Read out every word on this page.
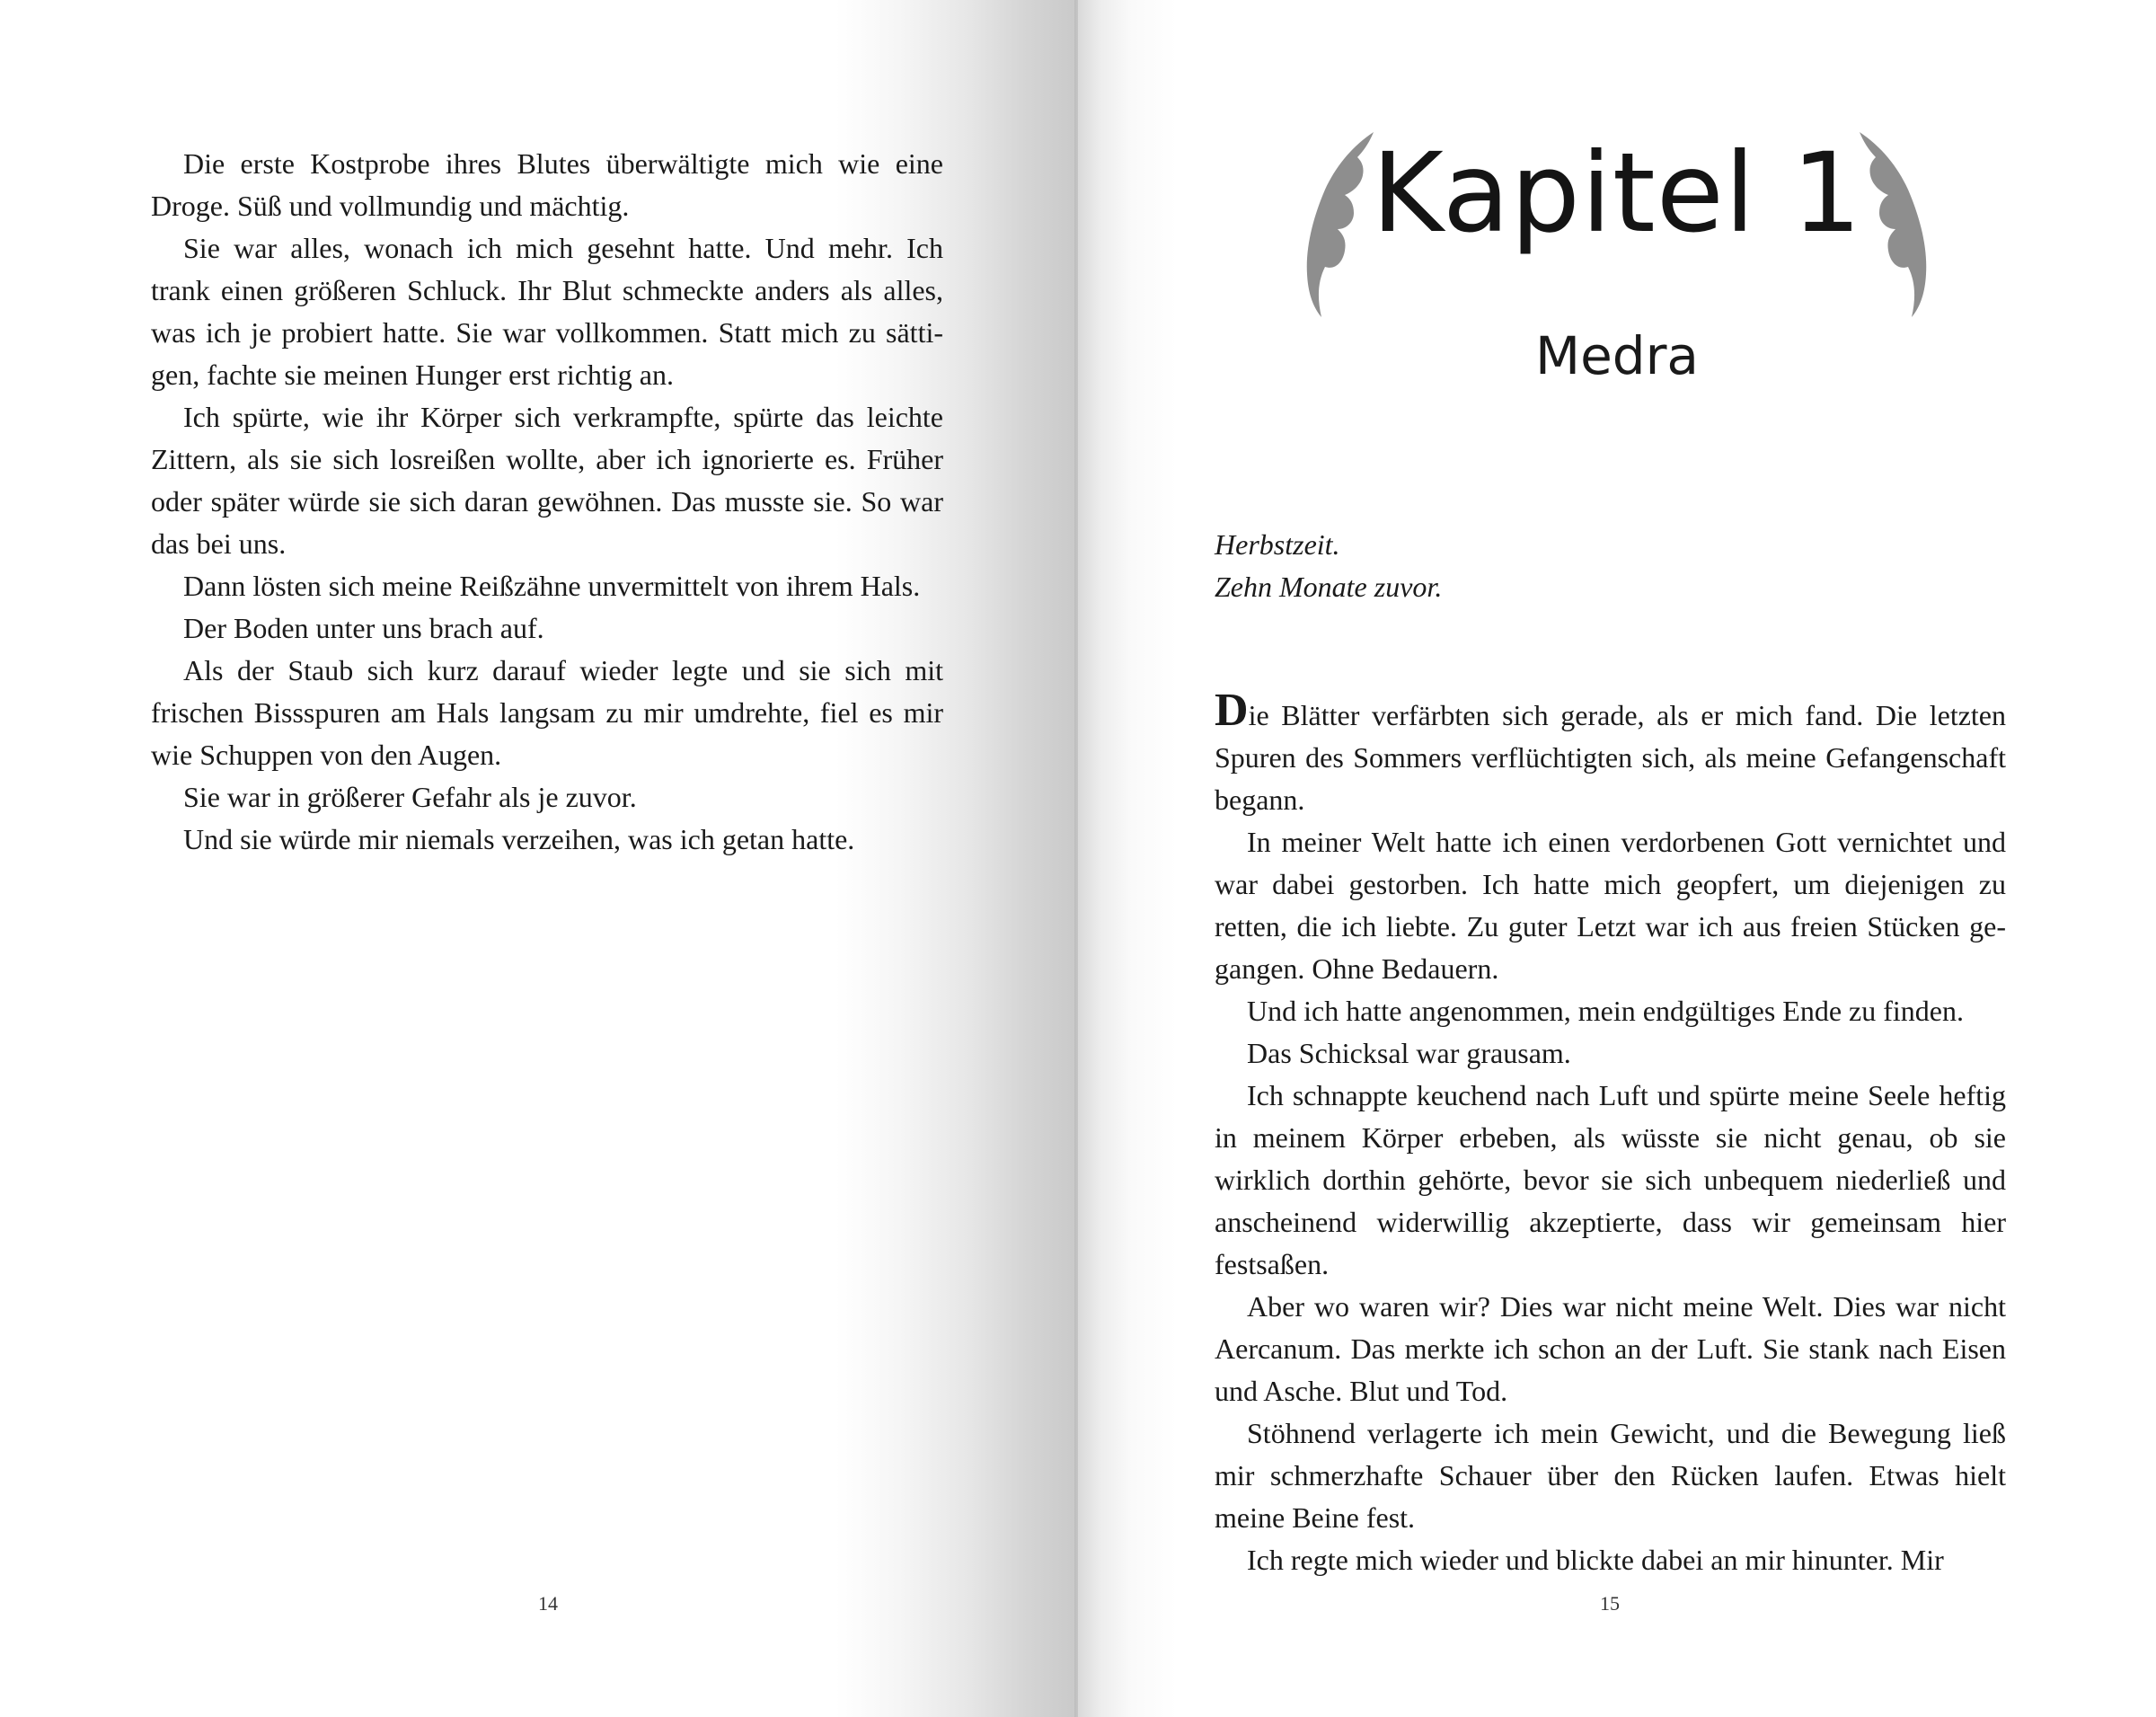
Die erste Kostprobe ihres Blutes überwältigte mich wie eine Droge. Süß und vollmundig und mächtig.

Sie war alles, wonach ich mich gesehnt hatte. Und mehr. Ich trank einen größeren Schluck. Ihr Blut schmeckte anders als alles, was ich je probiert hatte. Sie war vollkommen. Statt mich zu sättigen, fachte sie meinen Hunger erst richtig an.

Ich spürte, wie ihr Körper sich verkrampfte, spürte das leichte Zittern, als sie sich losreißen wollte, aber ich ignorierte es. Früher oder später würde sie sich daran gewöhnen. Das musste sie. So war das bei uns.

Dann lösten sich meine Reißzähne unvermittelt von ihrem Hals.

Der Boden unter uns brach auf.

Als der Staub sich kurz darauf wieder legte und sie sich mit frischen Bissspuren am Hals langsam zu mir umdrehte, fiel es mir wie Schuppen von den Augen.

Sie war in größerer Gefahr als je zuvor.

Und sie würde mir niemals verzeihen, was ich getan hatte.

14
Kapitel 1
Medra
Herbstzeit.
Zehn Monate zuvor.

Die Blätter verfärbten sich gerade, als er mich fand. Die letzten Spuren des Sommers verflüchtigten sich, als meine Gefangenschaft begann.

In meiner Welt hatte ich einen verdorbenen Gott vernichtet und war dabei gestorben. Ich hatte mich geopfert, um diejenigen zu retten, die ich liebte. Zu guter Letzt war ich aus freien Stücken gegangen. Ohne Bedauern.

Und ich hatte angenommen, mein endgültiges Ende zu finden.

Das Schicksal war grausam.

Ich schnappte keuchend nach Luft und spürte meine Seele heftig in meinem Körper erbeben, als wüsste sie nicht genau, ob sie wirklich dorthin gehörte, bevor sie sich unbequem niederließ und anscheinend widerwillig akzeptierte, dass wir gemeinsam hier festsaßen.

Aber wo waren wir? Dies war nicht meine Welt. Dies war nicht Aercanum. Das merkte ich schon an der Luft. Sie stank nach Eisen und Asche. Blut und Tod.

Stöhnend verlagerte ich mein Gewicht, und die Bewegung ließ mir schmerzhafte Schauer über den Rücken laufen. Etwas hielt meine Beine fest.

Ich regte mich wieder und blickte dabei an mir hinunter. Mir

15
